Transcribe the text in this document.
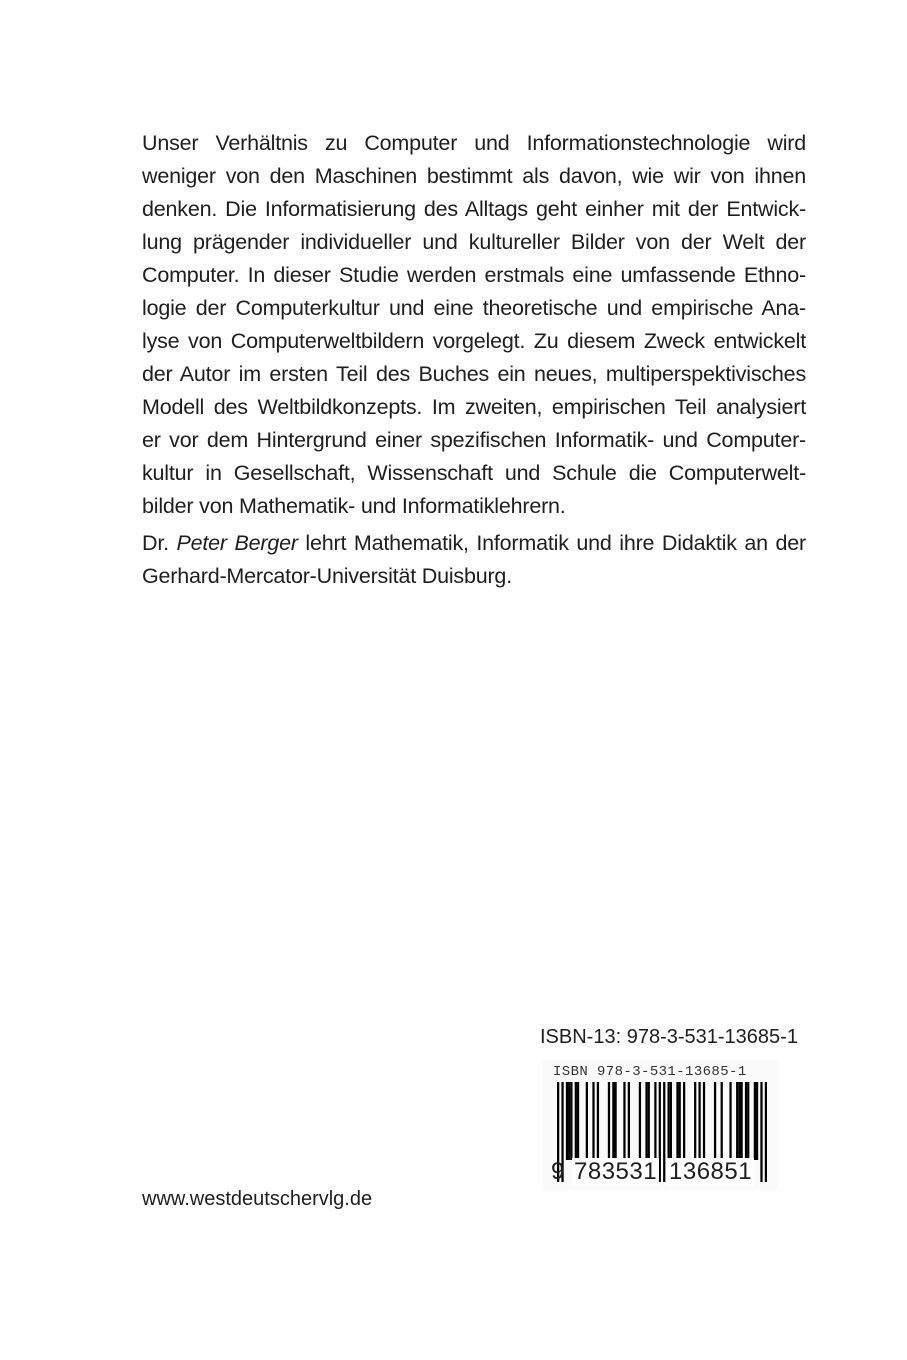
Unser Verhältnis zu Computer und Informationstechnologie wird
weniger von den Maschinen bestimmt als davon, wie wir von ihnen
denken. Die Informatisierung des Alltags geht einher mit der Entwick-
lung prägender individueller und kultureller Bilder von der Welt der
Computer. In dieser Studie werden erstmals eine umfassende Ethno-
logie der Computerkultur und eine theoretische und empirische Ana-
lyse von Computerweltbildern vorgelegt. Zu diesem Zweck entwickelt
der Autor im ersten Teil des Buches ein neues, multiperspektivisches
Modell des Weltbildkonzepts. Im zweiten, empirischen Teil analysiert
er vor dem Hintergrund einer spezifischen Informatik- und Computer-
kultur in Gesellschaft, Wissenschaft und Schule die Computerwelt-
bilder von Mathematik- und Informatiklehrern.
Dr. Peter Berger lehrt Mathematik, Informatik und ihre Didaktik an der
Gerhard-Mercator-Universität Duisburg.
ISBN-13: 978-3-531-13685-1
ISBN 978-3-531-13685-1
9 783531 136851
www.westdeutschervlg.de
